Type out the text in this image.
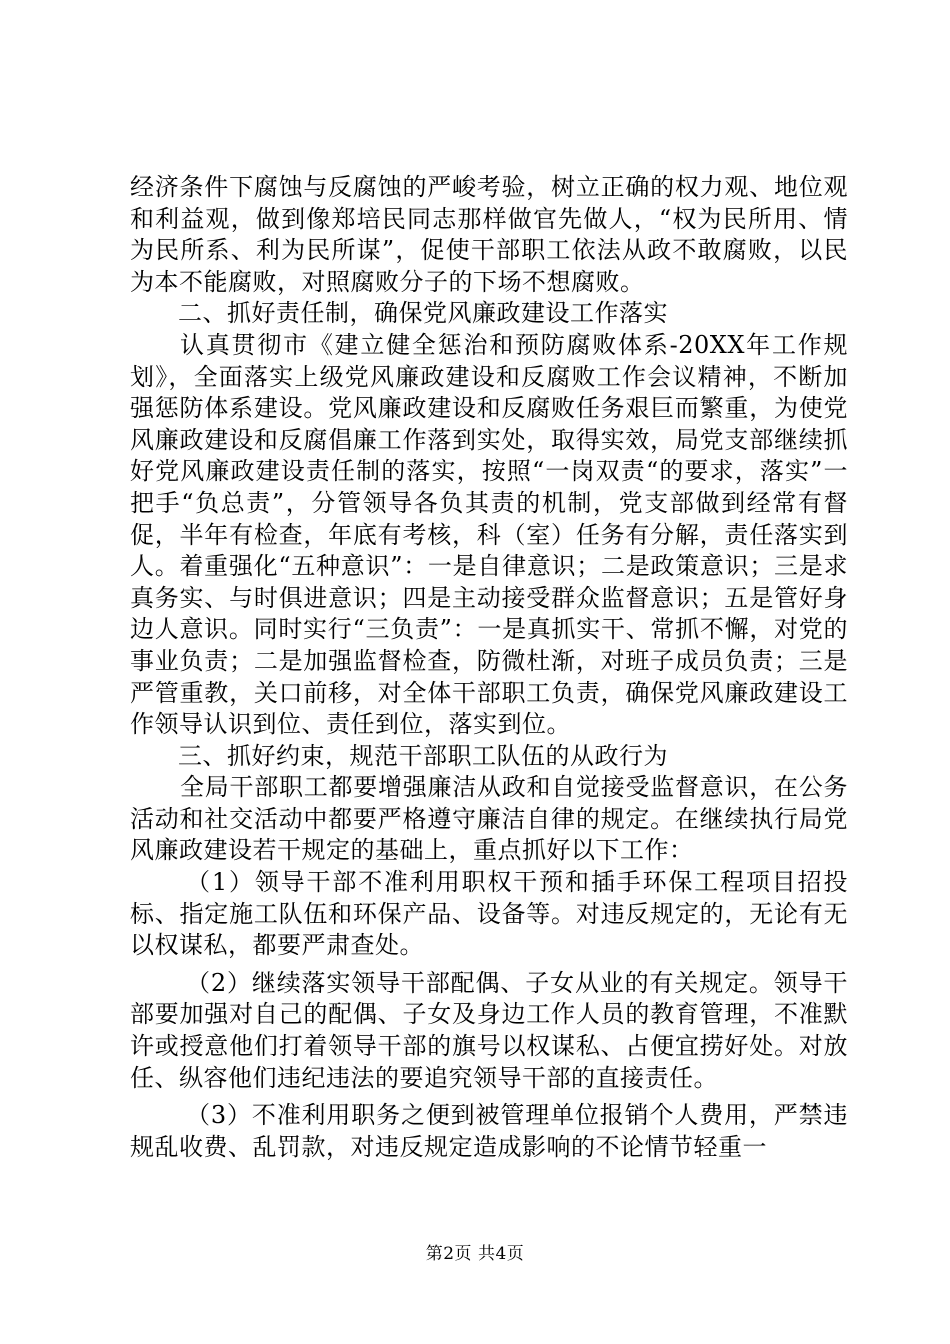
经济条件下腐蚀与反腐蚀的严峻考验，树立正确的权力观、地位观和利益观，做到像郑培民同志那样做官先做人，“权为民所用、情为民所系、利为民所谋”，促使干部职工依法从政不敢腐败，以民为本不能腐败，对照腐败分子的下场不想腐败。

二、抓好责任制，确保党风廉政建设工作落实

认真贯彻市《建立健全惩治和预防腐败体系-20XX年工作规划》，全面落实上级党风廉政建设和反腐败工作会议精神，不断加强惩防体系建设。党风廉政建设和反腐败任务艰巨而繁重，为使党风廉政建设和反腐倡廉工作落到实处，取得实效，局党支部继续抓好党风廉政建设责任制的落实，按照“一岗双责“的要求，落实”一把手“负总责”，分管领导各负其责的机制，党支部做到经常有督促，半年有检查，年底有考核，科（室）任务有分解，责任落实到人。着重强化“五种意识”：一是自律意识；二是政策意识；三是求真务实、与时俱进意识；四是主动接受群众监督意识；五是管好身边人意识。同时实行“三负责”：一是真抓实干、常抓不懈，对党的事业负责；二是加强监督检查，防微杜渐，对班子成员负责；三是严管重教，关口前移，对全体干部职工负责，确保党风廉政建设工作领导认识到位、责任到位，落实到位。

三、抓好约束，规范干部职工队伍的从政行为

全局干部职工都要增强廉洁从政和自觉接受监督意识，在公务活动和社交活动中都要严格遵守廉洁自律的规定。在继续执行局党风廉政建设若干规定的基础上，重点抓好以下工作：

（1）领导干部不准利用职权干预和插手环保工程项目招投标、指定施工队伍和环保产品、设备等。对违反规定的，无论有无以权谋私，都要严肃查处。

（2）继续落实领导干部配偶、子女从业的有关规定。领导干部要加强对自己的配偶、子女及身边工作人员的教育管理，不准默许或授意他们打着领导干部的旗号以权谋私、占便宜捞好处。对放任、纵容他们违纪违法的要追究领导干部的直接责任。

（3）不准利用职务之便到被管理单位报销个人费用，严禁违规乱收费、乱罚款，对违反规定造成影响的不论情节轻重一

第2页 共4页
